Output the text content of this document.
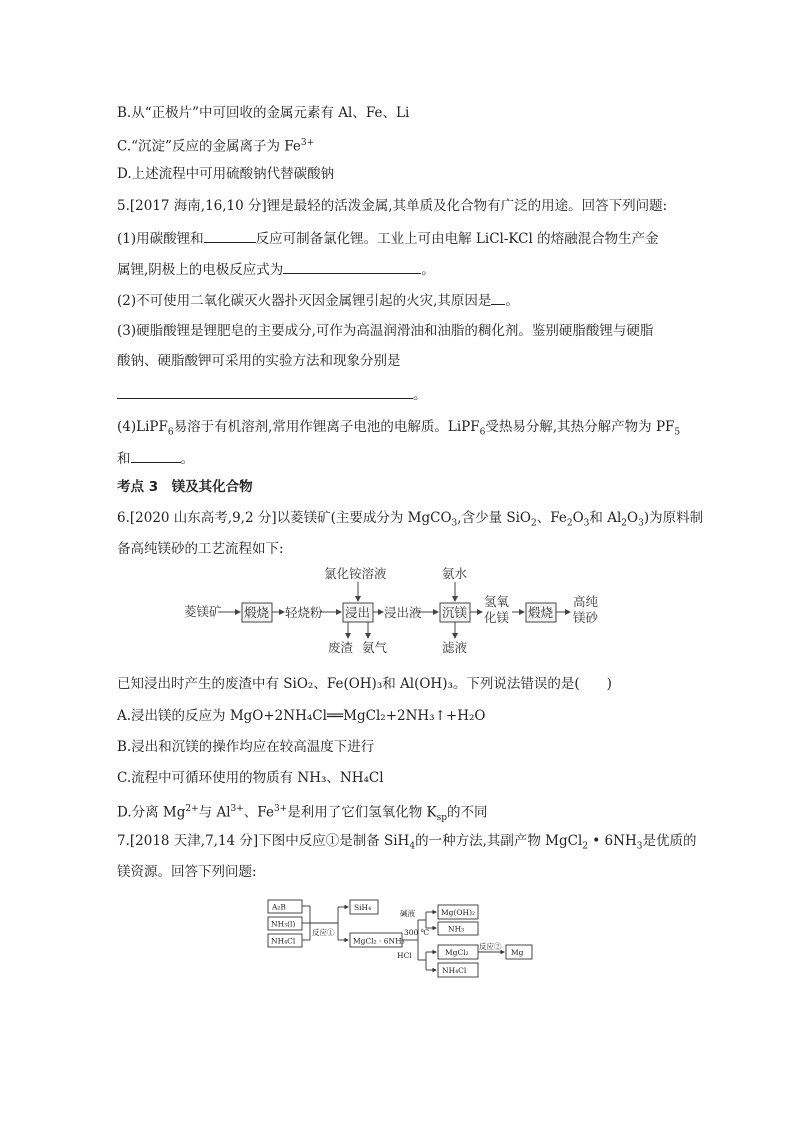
B.从“正极片”中可回收的金属元素有 Al、Fe、Li
C.“沉淀”反应的金属离子为 $Fe^{3+}$
D.上述流程中可用硫酸钠代替碳酸钠
5.[2017 海南,16,10 分]锂是最轻的活泼金属,其单质及化合物有广泛的用途。回答下列问题:
(1)用碳酸锂和	反应可制备氯化锂。工业上可由电解 LiCl-KCl 的熔融混合物生产金
属锂,阴极上的电极反应式为	。
(2)不可使用二氧化碳灭火器扑灭因金属锂引起的火灾,其原因是 。
(3)硬脂酸锂是锂肥皂的主要成分,可作为高温润滑油和油脂的稠化剂。鉴别硬脂酸锂与硬脂
酸钠、硬脂酸钾可采用的实验方法和现象分别是
。
(4)LiPF$_6$易溶于有机溶剂,常用作锂离子电池的电解质。LiPF$_6$受热易分解,其热分解产物为 $PF_5$
和	。
考点 3　镁及其化合物
6.[2020 山东高考,9,2 分]以菱镁矿(主要成分为 MgCO$_3$,含少量 SiO$_2$、$Fe_2O_3$和 $Al_2O_3$)为原料制
备高纯镁砂的工艺流程如下:
菱镁矿 煅烧 轻烧粉 浸出
氯化铵溶液
废渣 氨气
浸出液 沉镁
氨水
滤液
氢氧
化镁 煅烧
高纯
镁砂
已知浸出时产生的废渣中有 SiO₂、Fe(OH)₃和 Al(OH)₃。下列说法错误的是(　　)
A.浸出镁的反应为 MgO+2NH₄Cl══MgCl₂+2NH₃↑+H₂O
B.浸出和沉镁的操作均应在较高温度下进行
C.流程中可循环使用的物质有 NH₃、NH₄Cl
D.分离 $Mg^{2+}$与 $Al^{3+}$、$Fe^{3+}$是利用了它们氢氧化物 $K_{sp}$的不同
7.[2018 天津,7,14 分]下图中反应①是制备 SiH$_4$的一种方法,其副产物 MgCl$_2$ • $6NH_3$是优质的
镁资源。回答下列问题:
A₂B
NH₃(l)
NH₄Cl
反应①
SiH₄
MgCl₂ · 6NH₃
碱液
300 ℃
HCl
Mg(OH)₂
NH₃
MgCl₂
NH₄Cl
反应②
Mg
